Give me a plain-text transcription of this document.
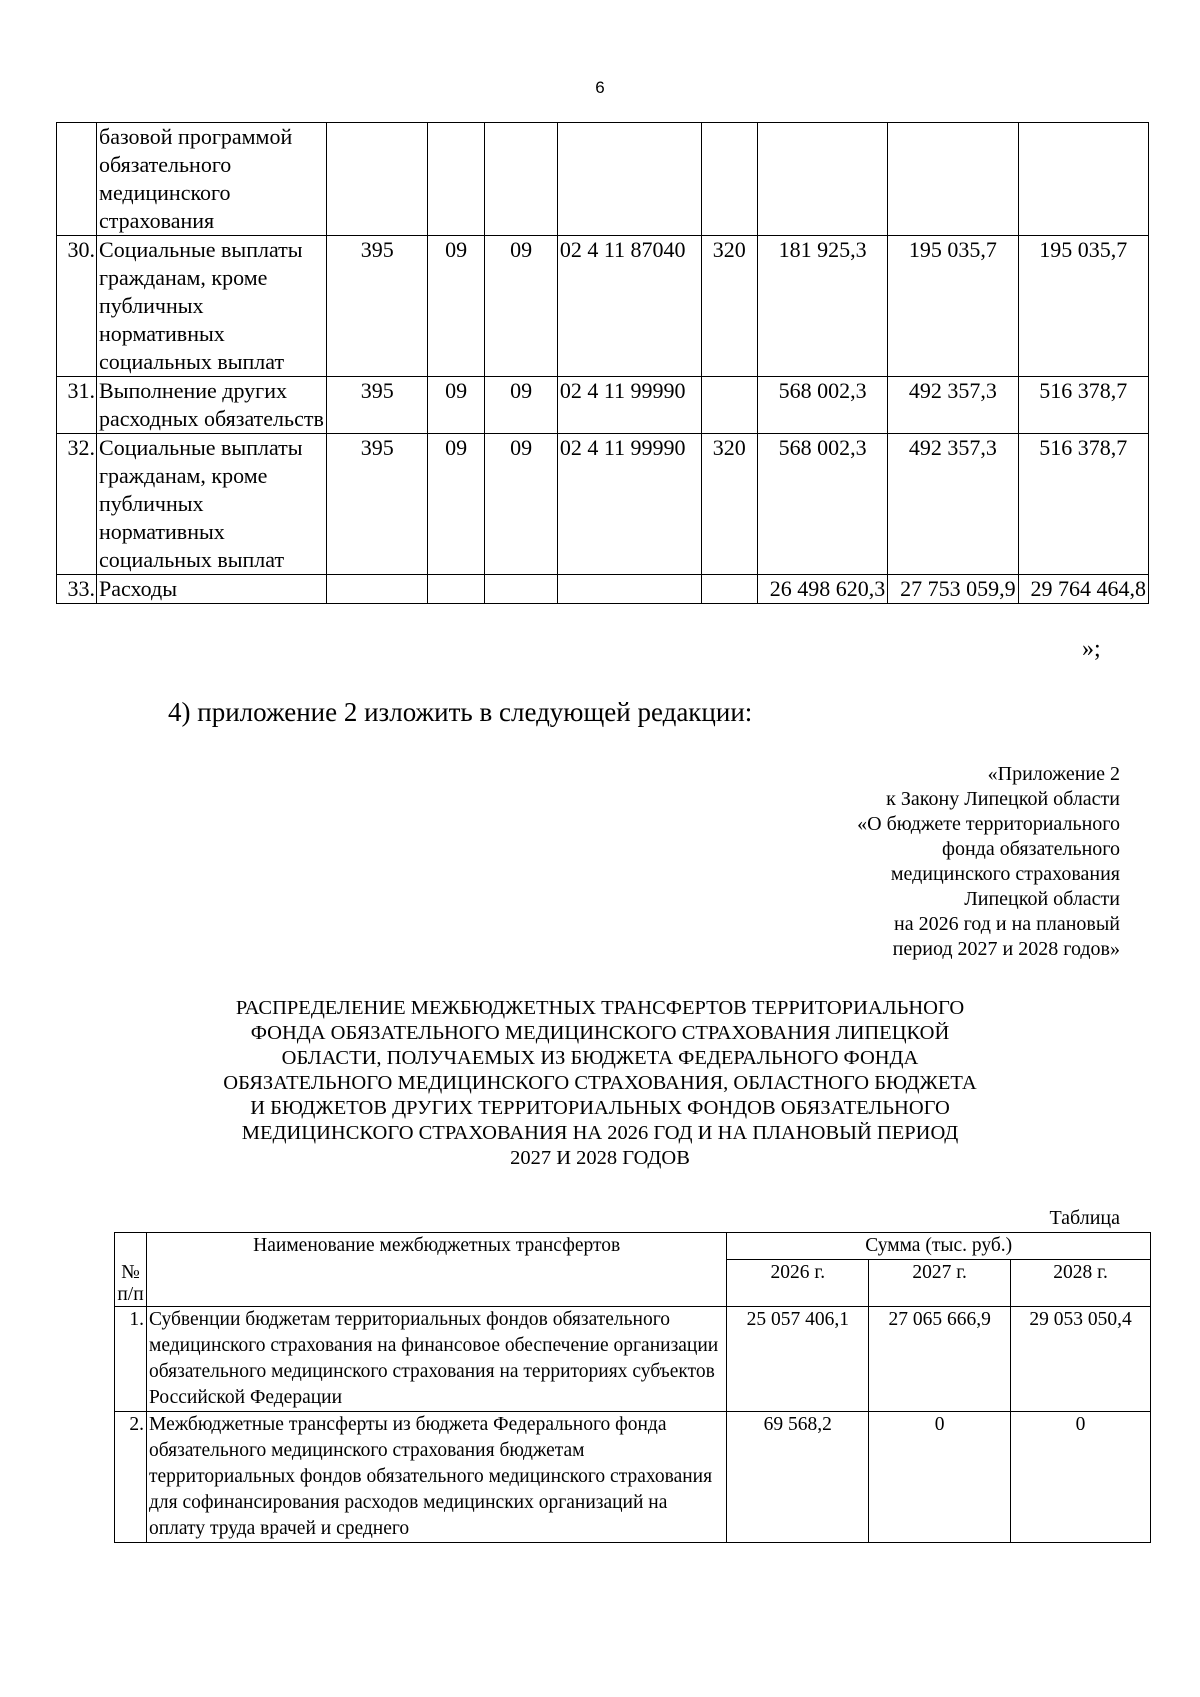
6
	базовой программой обязательного медицинского страхования								
30.	Социальные выплаты гражданам, кроме публичных нормативных социальных выплат	395	09	09	02 4 11 87040	320	181 925,3	195 035,7	195 035,7
31.	Выполнение других расходных обязательств	395	09	09	02 4 11 99990		568 002,3	492 357,3	516 378,7
32.	Социальные выплаты гражданам, кроме публичных нормативных социальных выплат	395	09	09	02 4 11 99990	320	568 002,3	492 357,3	516 378,7
33.	Расходы						26 498 620,3	27 753 059,9	29 764 464,8
»;
4) приложение 2 изложить в следующей редакции:
«Приложение 2
к Закону Липецкой области
«О бюджете территориального
фонда обязательного
медицинского страхования
Липецкой области
на 2026 год и на плановый
период 2027 и 2028 годов»
РАСПРЕДЕЛЕНИЕ МЕЖБЮДЖЕТНЫХ ТРАНСФЕРТОВ ТЕРРИТОРИАЛЬНОГО
ФОНДА ОБЯЗАТЕЛЬНОГО МЕДИЦИНСКОГО СТРАХОВАНИЯ ЛИПЕЦКОЙ
ОБЛАСТИ, ПОЛУЧАЕМЫХ ИЗ БЮДЖЕТА ФЕДЕРАЛЬНОГО ФОНДА
ОБЯЗАТЕЛЬНОГО МЕДИЦИНСКОГО СТРАХОВАНИЯ, ОБЛАСТНОГО БЮДЖЕТА
И БЮДЖЕТОВ ДРУГИХ ТЕРРИТОРИАЛЬНЫХ ФОНДОВ ОБЯЗАТЕЛЬНОГО
МЕДИЦИНСКОГО СТРАХОВАНИЯ НА 2026 ГОД И НА ПЛАНОВЫЙ ПЕРИОД
2027 И 2028 ГОДОВ
Таблица
№ п/п	Наименование межбюджетных трансфертов	Сумма (тыс. руб.)		
		2026 г.	2027 г.	2028 г.
1.	Субвенции бюджетам территориальных фондов обязательного медицинского страхования на финансовое обеспечение организации обязательного медицинского страхования на территориях субъектов Российской Федерации	25 057 406,1	27 065 666,9	29 053 050,4
2.	Межбюджетные трансферты из бюджета Федерального фонда обязательного медицинского страхования бюджетам территориальных фондов обязательного медицинского страхования для софинансирования расходов медицинских организаций на оплату труда врачей и среднего	69 568,2	0	0
